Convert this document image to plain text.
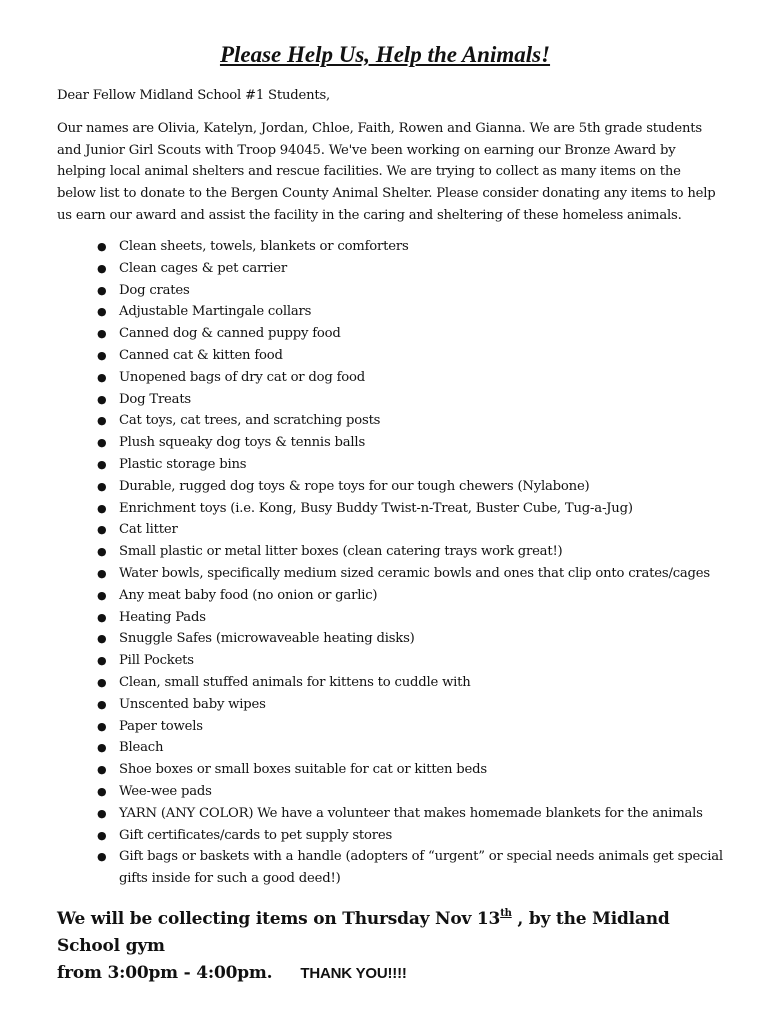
Please Help Us, Help the Animals!
Dear Fellow Midland School #1 Students,

Our names are Olivia, Katelyn, Jordan, Chloe, Faith, Rowen and Gianna. We are 5th grade students and Junior Girl Scouts with Troop 94045. We've been working on earning our Bronze Award by helping local animal shelters and rescue facilities. We are trying to collect as many items on the below list to donate to the Bergen County Animal Shelter. Please consider donating any items to help us earn our award and assist the facility in the caring and sheltering of these homeless animals.

● Clean sheets, towels, blankets or comforters
● Clean cages & pet carrier
● Dog crates
● Adjustable Martingale collars
● Canned dog & canned puppy food
● Canned cat & kitten food
● Unopened bags of dry cat or dog food
● Dog Treats
● Cat toys, cat trees, and scratching posts
● Plush squeaky dog toys & tennis balls
● Plastic storage bins
● Durable, rugged dog toys & rope toys for our tough chewers (Nylabone)
● Enrichment toys (i.e. Kong, Busy Buddy Twist-n-Treat, Buster Cube, Tug-a-Jug)
● Cat litter
● Small plastic or metal litter boxes (clean catering trays work great!)
● Water bowls, specifically medium sized ceramic bowls and ones that clip onto crates/cages
● Any meat baby food (no onion or garlic)
● Heating Pads
● Snuggle Safes (microwaveable heating disks)
● Pill Pockets
● Clean, small stuffed animals for kittens to cuddle with
● Unscented baby wipes
● Paper towels
● Bleach
● Shoe boxes or small boxes suitable for cat or kitten beds
● Wee-wee pads
● YARN (ANY COLOR) We have a volunteer that makes homemade blankets for the animals
● Gift certificates/cards to pet supply stores
● Gift bags or baskets with a handle (adopters of “urgent” or special needs animals get special gifts inside for such a good deed!)
We will be collecting items on Thursday Nov 13th , by the Midland School gym
from 3:00pm - 4:00pm. THANK YOU!!!!
